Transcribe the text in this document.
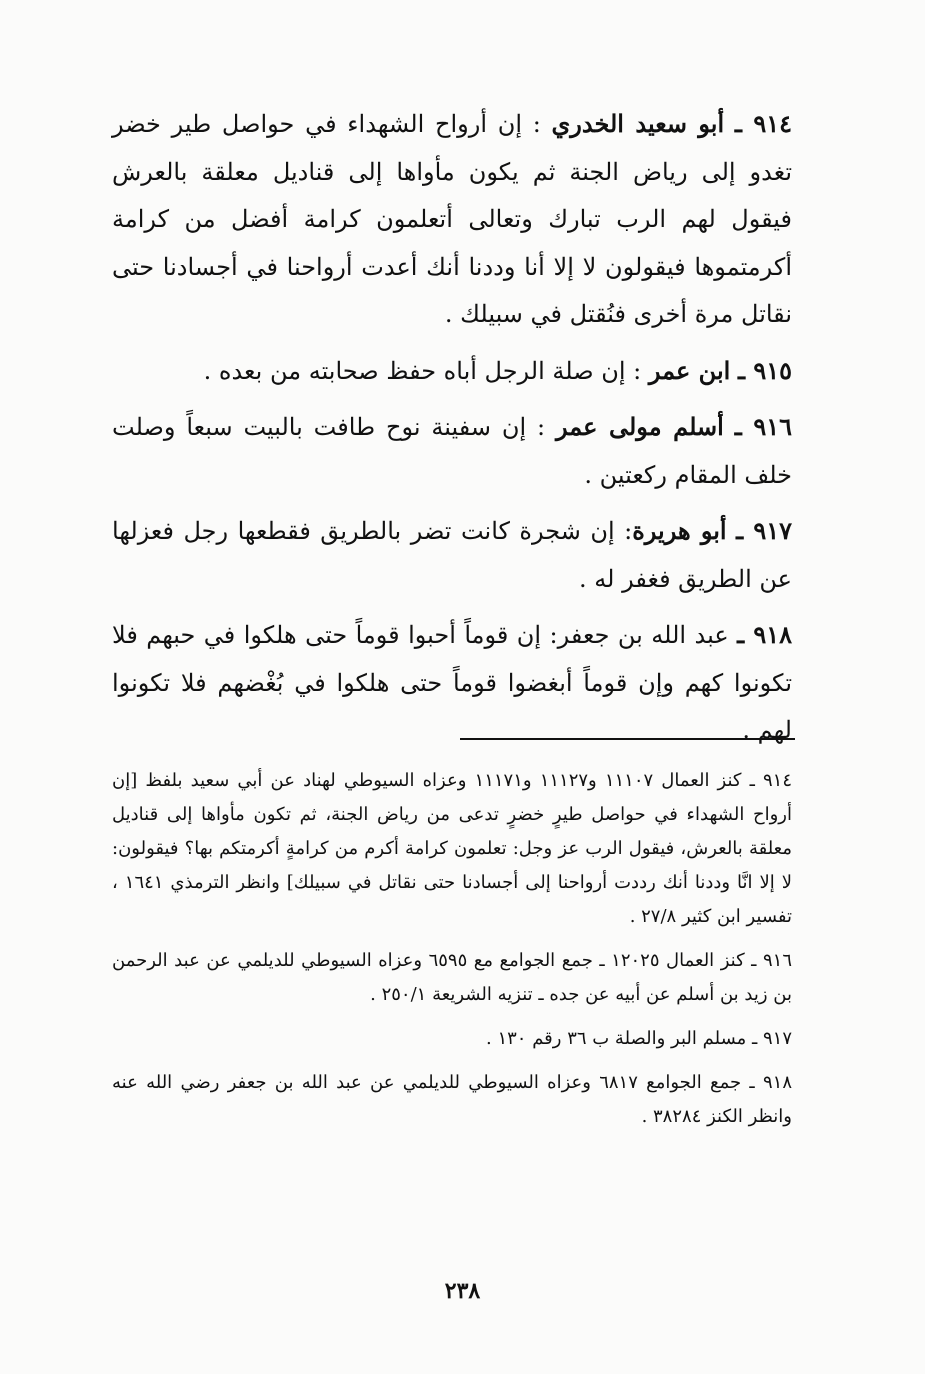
٩١٤ ـ أبو سعيد الخدري : إن أرواح الشهداء في حواصل طير خضر تغدو إلى رياض الجنة ثم يكون مأواها إلى قناديل معلقة بالعرش فيقول لهم الرب تبارك وتعالى أتعلمون كرامة أفضل من كرامة أكرمتموها فيقولون لا إلا أنا وددنا أنك أعدت أرواحنا في أجسادنا حتى نقاتل مرة أخرى فنُقتل في سبيلك .

٩١٥ ـ ابن عمر : إن صلة الرجل أباه حفظ صحابته من بعده .

٩١٦ ـ أسلم مولى عمر : إن سفينة نوح طافت بالبيت سبعاً وصلت خلف المقام ركعتين .

٩١٧ ـ أبو هريرة: إن شجرة كانت تضر بالطريق فقطعها رجل فعزلها عن الطريق فغفر له .

٩١٨ ـ عبد الله بن جعفر: إن قوماً أحبوا قوماً حتى هلكوا في حبهم فلا تكونوا كهم وإن قوماً أبغضوا قوماً حتى هلكوا في بُغْضهم فلا تكونوا لهم .

٩١٤ ـ كنز العمال ١١١٠٧ و١١١٢٧ و١١١٧١ وعزاه السيوطي لهناد عن أبي سعيد بلفظ [إن أرواح الشهداء في حواصل طيرٍ خضرٍ تدعى من رياض الجنة، ثم تكون مأواها إلى قناديل معلقة بالعرش، فيقول الرب عز وجل: تعلمون كرامة أكرم من كرامةٍ أكرمتكم بها؟ فيقولون: لا إلا انَّا وددنا أنك رددت أرواحنا إلى أجسادنا حتى نقاتل في سبيلك] وانظر الترمذي ١٦٤١ ، تفسير ابن كثير ٢٧/٨ .

٩١٦ ـ كنز العمال ١٢٠٢٥ ـ جمع الجوامع مع ٦٥٩٥ وعزاه السيوطي للديلمي عن عبد الرحمن بن زيد بن أسلم عن أبيه عن جده ـ تنزيه الشريعة ٢٥٠/١ .

٩١٧ ـ مسلم البر والصلة ب ٣٦ رقم ١٣٠ .

٩١٨ ـ جمع الجوامع ٦٨١٧ وعزاه السيوطي للديلمي عن عبد الله بن جعفر رضي الله عنه وانظر الكنز ٣٨٢٨٤ .

٢٣٨
